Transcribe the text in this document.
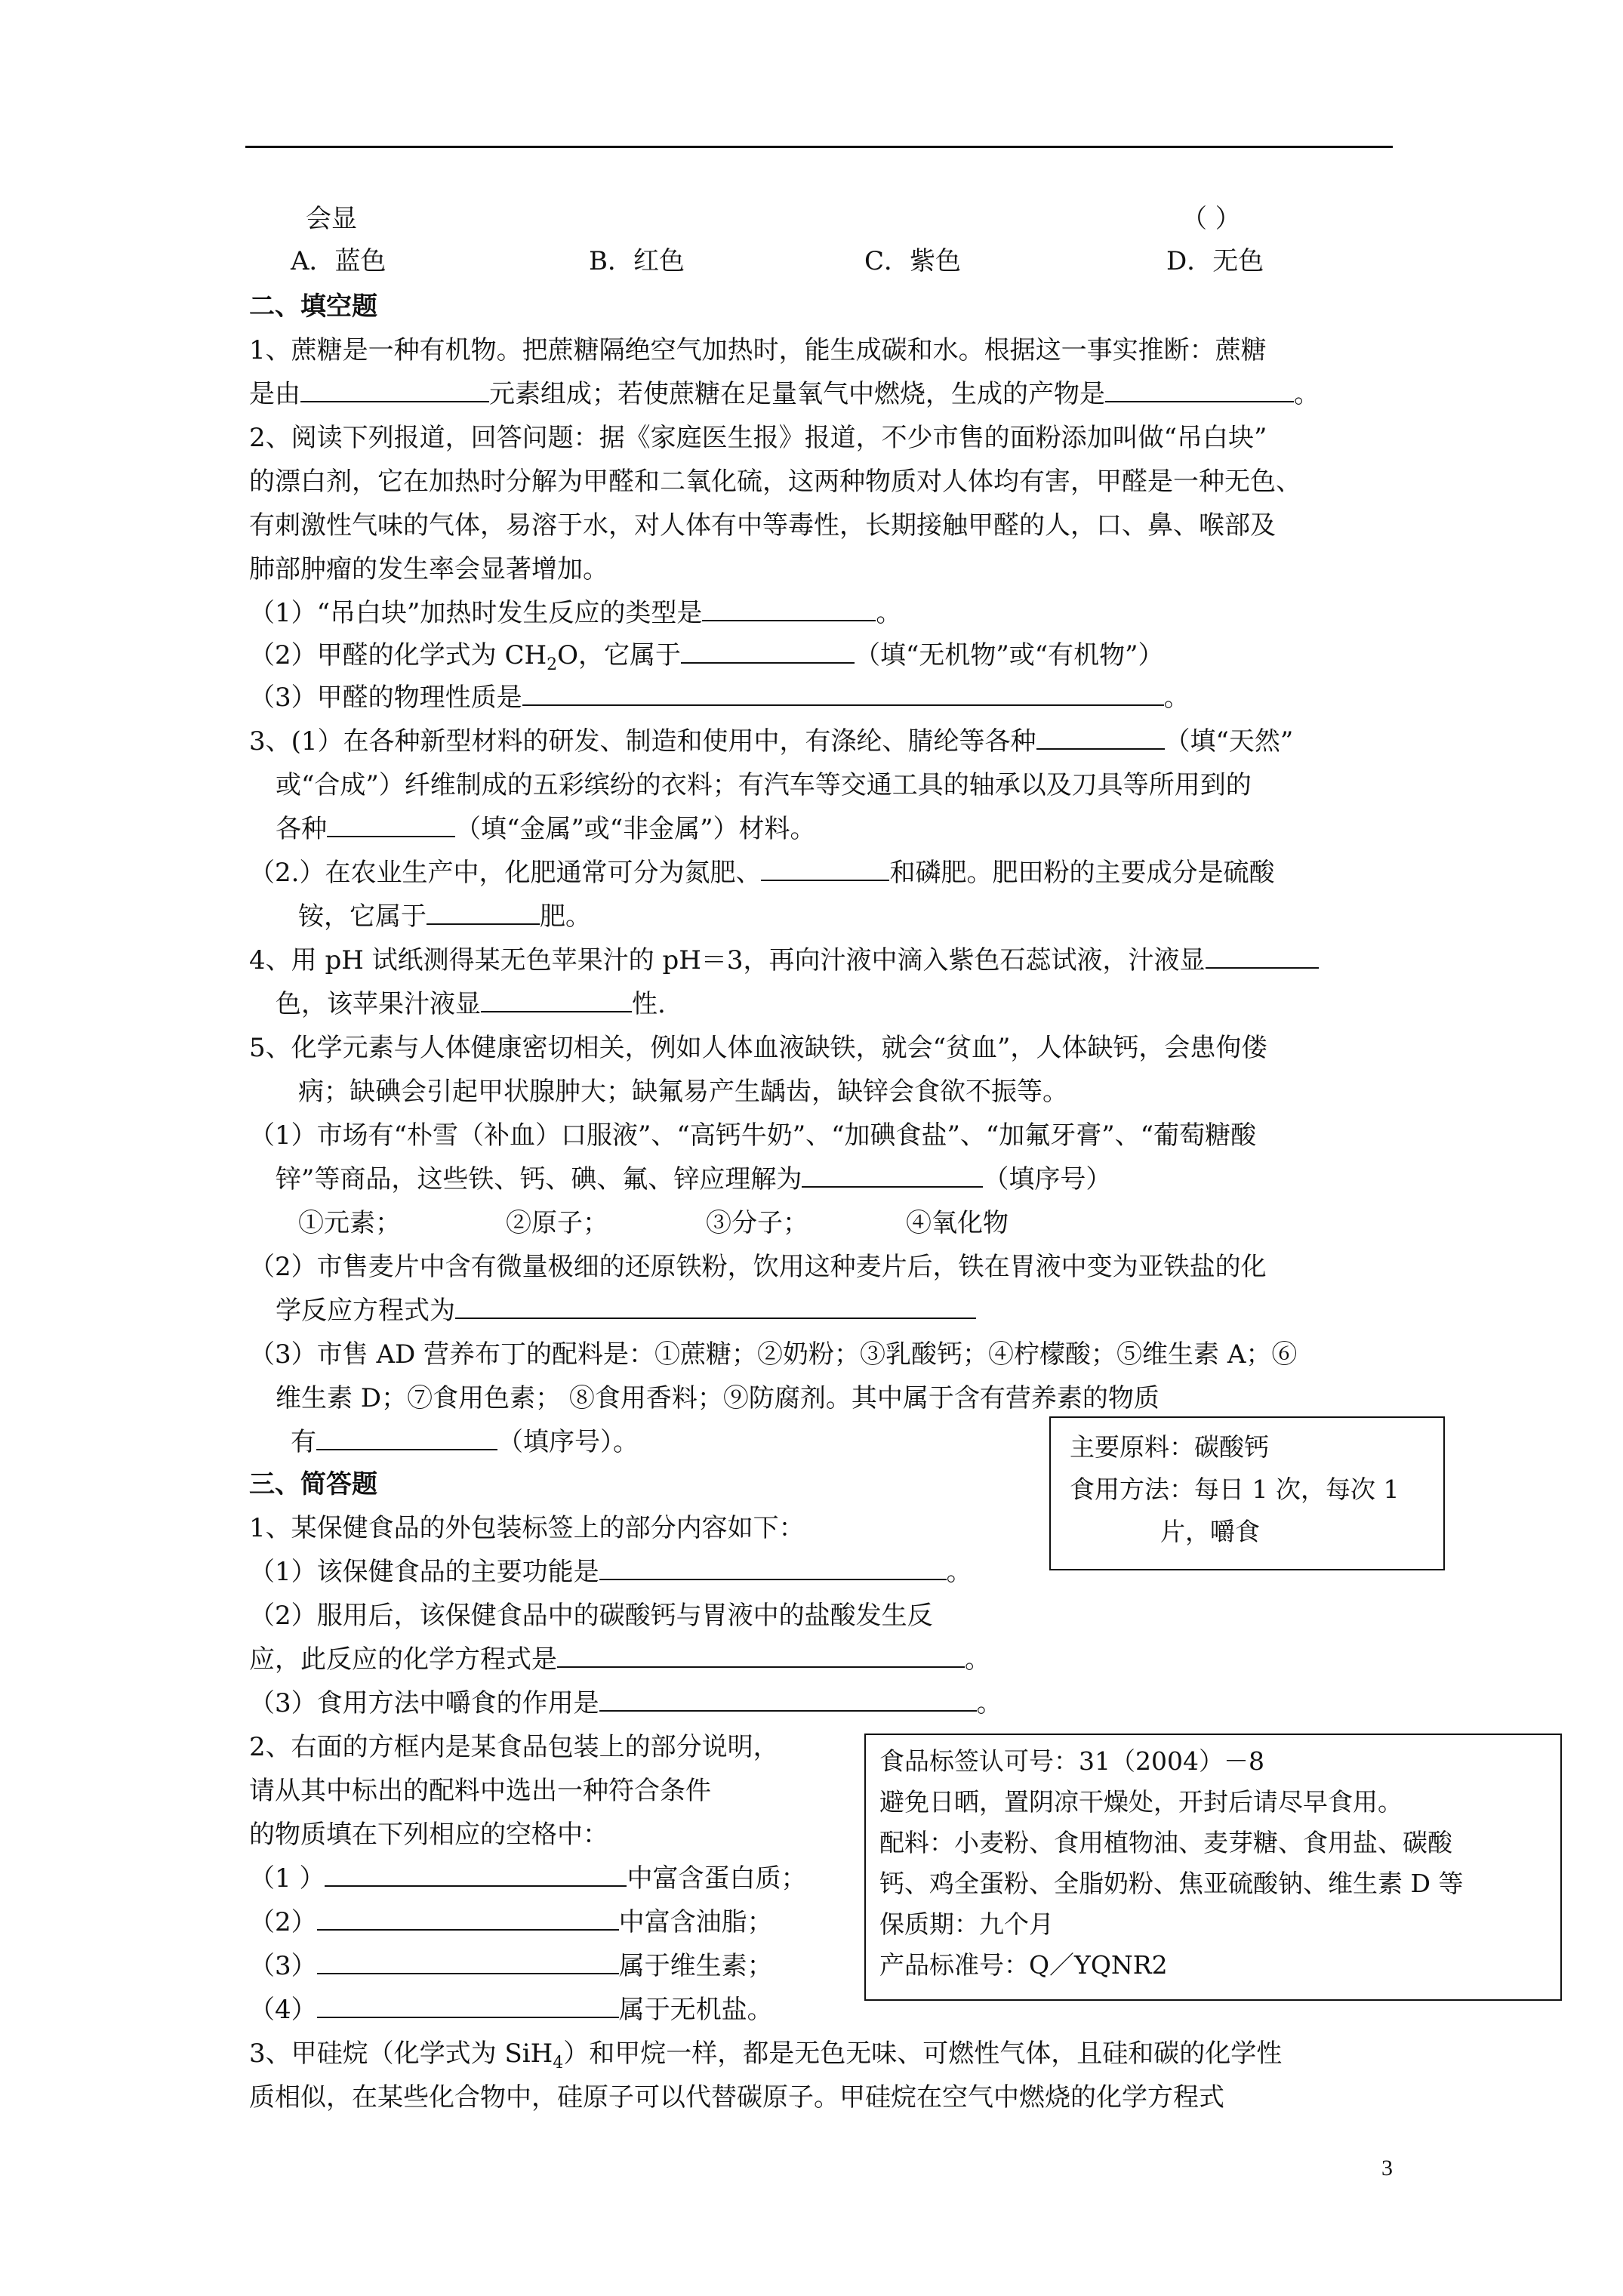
会显	（ ）
A．蓝色	B．红色	C．紫色	D．无色
二、填空题
1、蔗糖是一种有机物。把蔗糖隔绝空气加热时，能生成碳和水。根据这一事实推断：蔗糖
是由	元素组成；若使蔗糖在足量氧气中燃烧，生成的产物是	。
2、阅读下列报道，回答问题：据《家庭医生报》报道，不少市售的面粉添加叫做“吊白块”
的漂白剂，它在加热时分解为甲醛和二氧化硫，这两种物质对人体均有害，甲醛是一种无色、
有刺激性气味的气体，易溶于水，对人体有中等毒性，长期接触甲醛的人，口、鼻、喉部及
肺部肿瘤的发生率会显著增加。
（1）“吊白块”加热时发生反应的类型是	。
（2）甲醛的化学式为 $CH_2O$，它属于	（填“无机物”或“有机物”）
（3）甲醛的物理性质是	。
3、(1）在各种新型材料的研发、制造和使用中，有涤纶、腈纶等各种	（填“天然”
或“合成”）纤维制成的五彩缤纷的衣料；有汽车等交通工具的轴承以及刀具等所用到的
各种	（填“金属”或“非金属”）材料。
（2.）在农业生产中，化肥通常可分为氮肥、	和磷肥。肥田粉的主要成分是硫酸
铵，它属于	肥。
4、用 pH 试纸测得某无色苹果汁的 pH＝3，再向汁液中滴入紫色石蕊试液，汁液显
色，该苹果汁液显	性.
5、化学元素与人体健康密切相关，例如人体血液缺铁，就会“贫血”，人体缺钙，会患佝偻
病；缺碘会引起甲状腺肿大；缺氟易产生龋齿，缺锌会食欲不振等。
（1）市场有“朴雪（补血）口服液”、“高钙牛奶”、“加碘食盐”、“加氟牙膏”、“葡萄糖酸
锌”等商品，这些铁、钙、碘、氟、锌应理解为	（填序号）
①元素；	②原子；	③分子；	④氧化物
（2）市售麦片中含有微量极细的还原铁粉，饮用这种麦片后，铁在胃液中变为亚铁盐的化
学反应方程式为
（3）市售 AD 营养布丁的配料是：①蔗糖；②奶粉；③乳酸钙；④柠檬酸；⑤维生素 A；⑥
维生素 D；⑦食用色素； ⑧食用香料；⑨防腐剂。其中属于含有营养素的物质
有	（填序号）。
三、简答题
1、某保健食品的外包装标签上的部分内容如下：
（1）该保健食品的主要功能是	。
（2）服用后，该保健食品中的碳酸钙与胃液中的盐酸发生反
应，此反应的化学方程式是	。
（3）食用方法中嚼食的作用是	。
主要原料：碳酸钙
食用方法：每日 1 次，每次 1
片，嚼食
2、右面的方框内是某食品包装上的部分说明，
请从其中标出的配料中选出一种符合条件
的物质填在下列相应的空格中：
（1 ）	中富含蛋白质；
（2）	中富含油脂；
（3）	属于维生素；
（4）	属于无机盐。
食品标签认可号：31（2004）－8
避免日晒，置阴凉干燥处，开封后请尽早食用。
配料：小麦粉、食用植物油、麦芽糖、食用盐、碳酸
钙、鸡全蛋粉、全脂奶粉、焦亚硫酸钠、维生素 D 等
保质期：九个月
产品标准号：Q／YQNR2
3、甲硅烷（化学式为 SiH$_4$）和甲烷一样，都是无色无味、可燃性气体，且硅和碳的化学性
质相似，在某些化合物中，硅原子可以代替碳原子。甲硅烷在空气中燃烧的化学方程式
3
